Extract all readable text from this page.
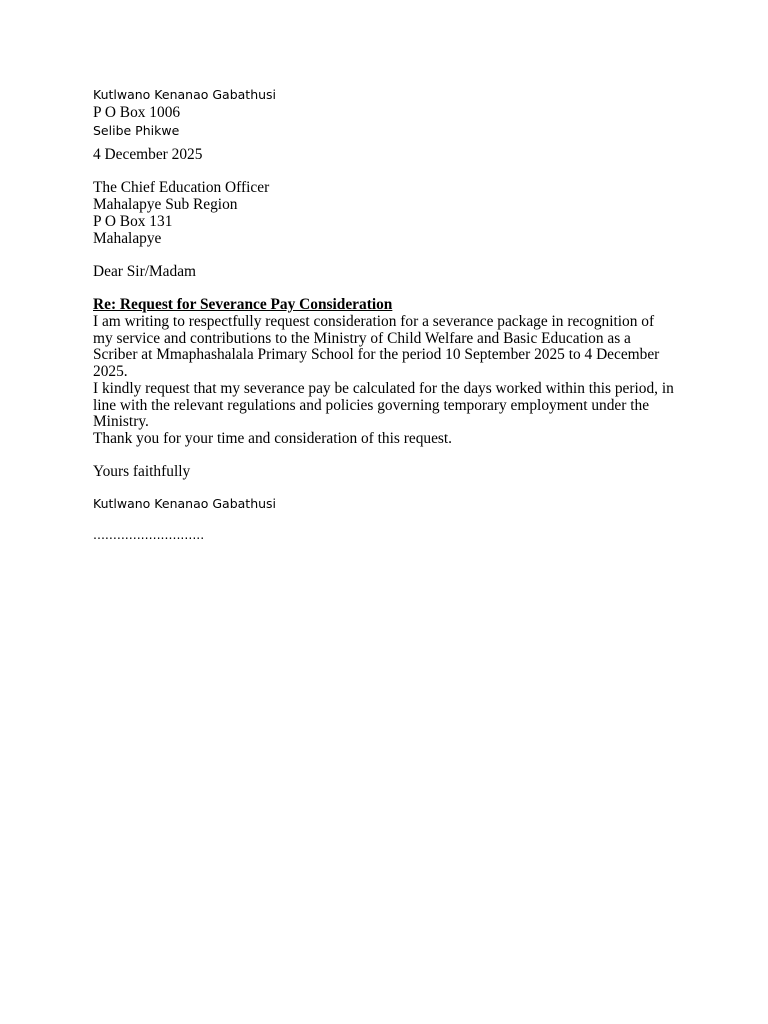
Kutlwano Kenanao Gabathusi
P O Box 1006
Selibe Phikwe
4 December 2025
The Chief Education Officer
Mahalapye Sub Region
P O Box 131
Mahalapye
Dear Sir/Madam
Re: Request for Severance Pay Consideration

I am writing to respectfully request consideration for a severance package in recognition of my service and contributions to the Ministry of Child Welfare and Basic Education as a Scriber at Mmaphashalala Primary School for the period 10 September 2025 to 4 December 2025.

I kindly request that my severance pay be calculated for the days worked within this period, in line with the relevant regulations and policies governing temporary employment under the Ministry.

Thank you for your time and consideration of this request.

Yours faithfully
Kutlwano Kenanao Gabathusi
............................
